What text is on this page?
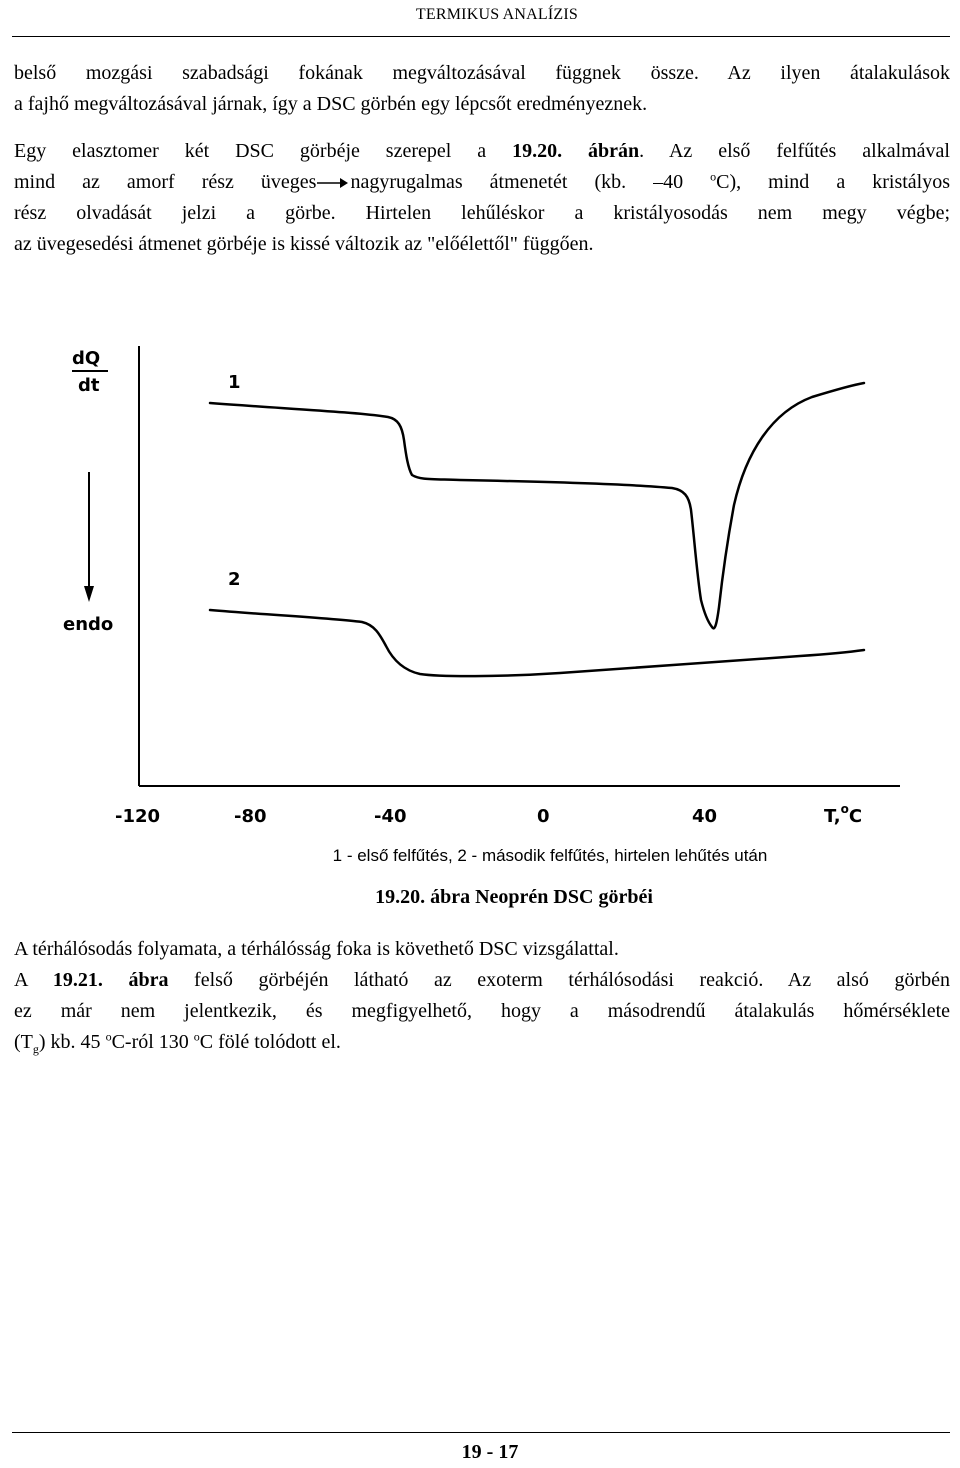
TERMIKUS ANALÍZIS
belső mozgási szabadsági fokának megváltozásával függnek össze. Az ilyen átalakulások
a fajhő megváltozásával járnak, így a DSC görbén egy lépcsőt eredményeznek.
Egy elasztomer két DSC görbéje szerepel a 19.20. ábrán. Az első felfűtés alkalmával
mind az amorf rész üveges nagyrugalmas átmenetét (kb. –40 $^o$C), mind a kristályos
rész olvadását jelzi a görbe. Hirtelen lehűléskor a kristályosodás nem megy végbe;
az üvegesedési átmenet görbéje is kissé változik az "előélettől" függően.
dQ
dt
endo
1
2
-120	-80	-40	0	40	T,$^o$C
1 - első felfűtés, 2 - második felfűtés, hirtelen lehűtés után
19.20. ábra Neoprén DSC görbéi
A térhálósodás folyamata, a térhálósság foka is követhető DSC vizsgálattal.
A 19.21. ábra felső görbéjén látható az exoterm térhálósodási reakció. Az alsó görbén
ez már nem jelentkezik, és megfigyelhető, hogy a másodrendű átalakulás hőmérséklete
$(T_g)$ kb. 45 $^o$C-ról 130 $^o$C fölé tolódott el.
19 - 17
